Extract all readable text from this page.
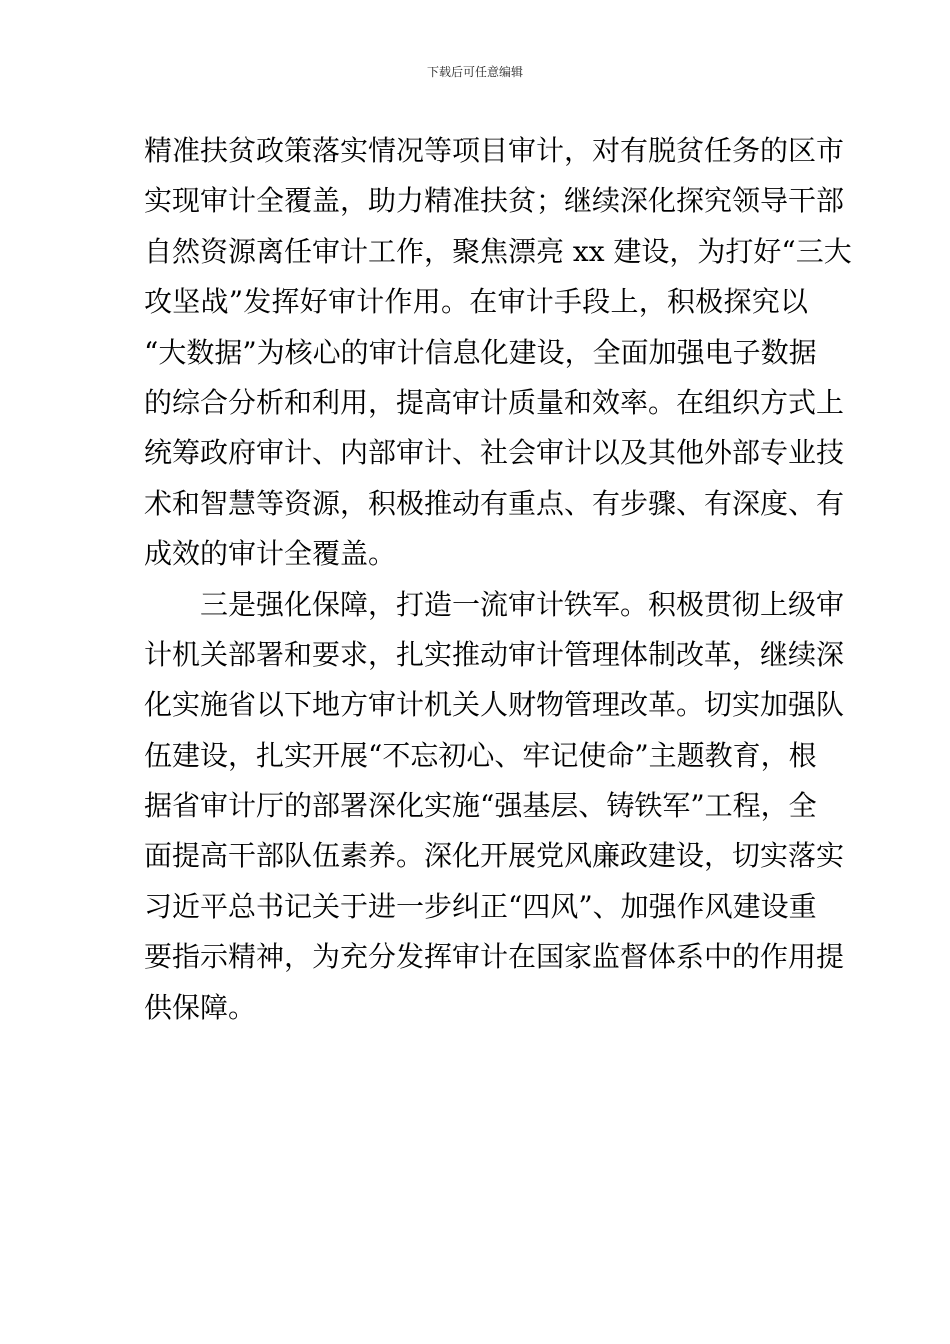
下载后可任意编辑
精准扶贫政策落实情况等项目审计，对有脱贫任务的区市
实现审计全覆盖，助力精准扶贫；继续深化探究领导干部
自然资源离任审计工作，聚焦漂亮 xx 建设，为打好“三大
攻坚战”发挥好审计作用。在审计手段上，积极探究以
“大数据”为核心的审计信息化建设，全面加强电子数据
的综合分析和利用，提高审计质量和效率。在组织方式上
统筹政府审计、内部审计、社会审计以及其他外部专业技
术和智慧等资源，积极推动有重点、有步骤、有深度、有
成效的审计全覆盖。
三是强化保障，打造一流审计铁军。积极贯彻上级审
计机关部署和要求，扎实推动审计管理体制改革，继续深
化实施省以下地方审计机关人财物管理改革。切实加强队
伍建设，扎实开展“不忘初心、牢记使命”主题教育，根
据省审计厅的部署深化实施“强基层、铸铁军”工程，全
面提高干部队伍素养。深化开展党风廉政建设，切实落实
习近平总书记关于进一步纠正“四风”、加强作风建设重
要指示精神，为充分发挥审计在国家监督体系中的作用提
供保障。
